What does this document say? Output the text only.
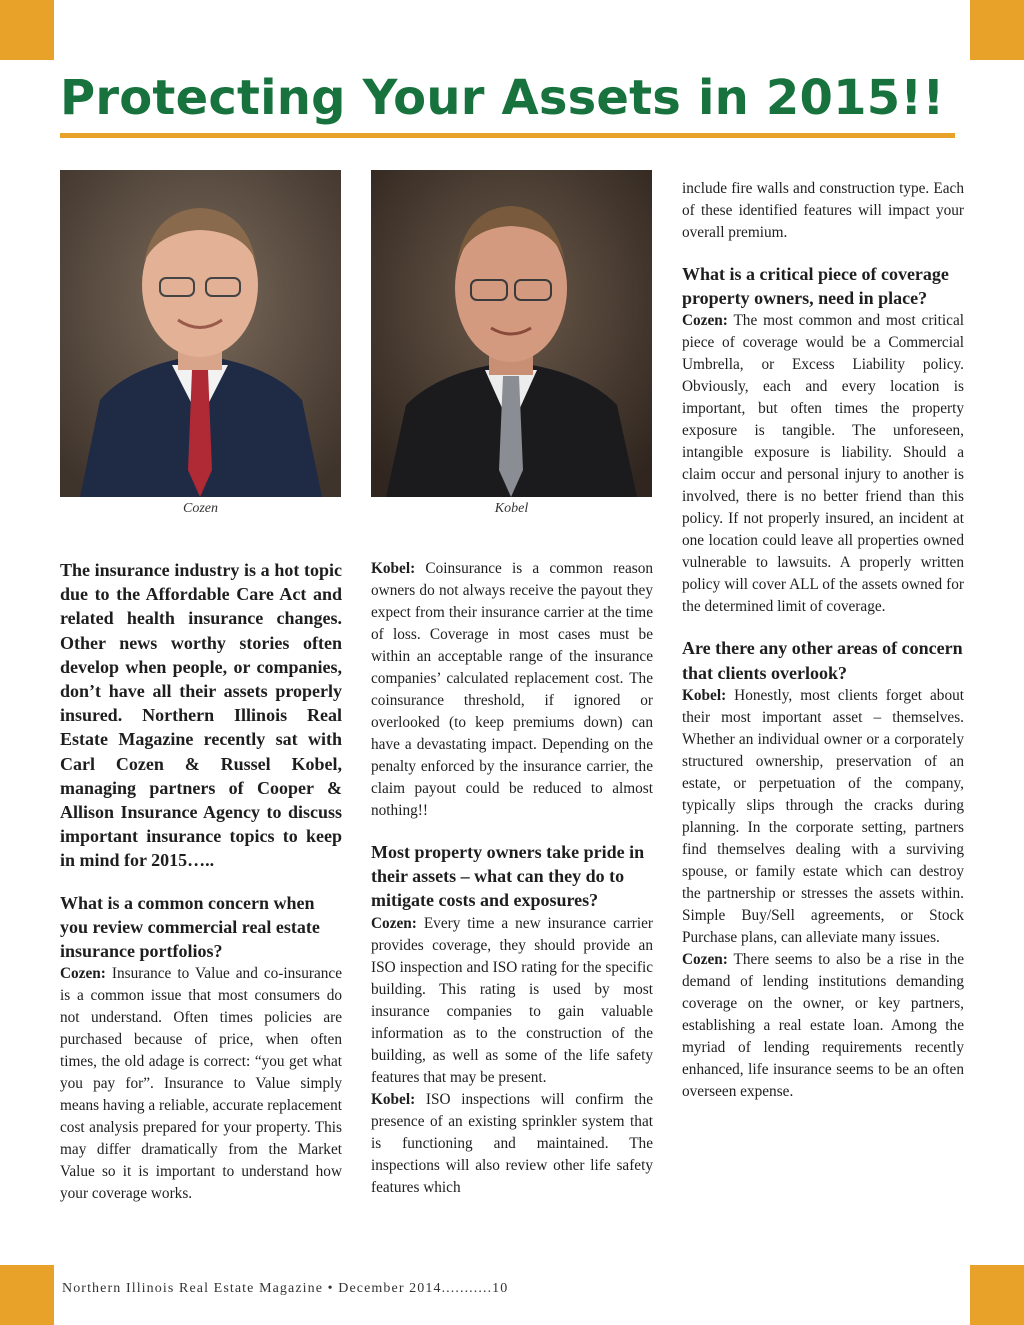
Protecting Your Assets in 2015!!
Cozen	Kobel

The insurance industry is a hot topic due to the Affordable Care Act and related health insurance changes. Other news worthy stories often develop when people, or companies, don’t have all their assets properly insured. Northern Illinois Real Estate Magazine recently sat with Carl Cozen & Russel Kobel, managing partners of Cooper & Allison Insurance Agency to discuss important insurance topics to keep in mind for 2015…..

What is a common concern when you review commercial real estate insurance portfolios?

Cozen: Insurance to Value and co-insurance is a common issue that most consumers do not understand. Often times policies are purchased because of price, when often times, the old adage is correct: “you get what you pay for”. Insurance to Value simply means having a reliable, accurate replacement cost analysis prepared for your property. This may differ dramatically from the Market Value so it is important to understand how your coverage works.

Kobel: Coinsurance is a common reason owners do not always receive the payout they expect from their insurance carrier at the time of loss. Coverage in most cases must be within an acceptable range of the insurance companies’ calculated replacement cost. The coinsurance threshold, if ignored or overlooked (to keep premiums down) can have a devastating impact. Depending on the penalty enforced by the insurance carrier, the claim payout could be reduced to almost nothing!!

Most property owners take pride in their assets – what can they do to mitigate costs and exposures?

Cozen: Every time a new insurance carrier provides coverage, they should provide an ISO inspection and ISO rating for the specific building. This rating is used by most insurance companies to gain valuable information as to the construction of the building, as well as some of the life safety features that may be present.

Kobel: ISO inspections will confirm the presence of an existing sprinkler system that is functioning and maintained. The inspections will also review other life safety features which

include fire walls and construction type. Each of these identified features will impact your overall premium.

What is a critical piece of coverage property owners, need in place?

Cozen: The most common and most critical piece of coverage would be a Commercial Umbrella, or Excess Liability policy. Obviously, each and every location is important, but often times the property exposure is tangible. The unforeseen, intangible exposure is liability. Should a claim occur and personal injury to another is involved, there is no better friend than this policy. If not properly insured, an incident at one location could leave all properties owned vulnerable to lawsuits. A properly written policy will cover ALL of the assets owned for the determined limit of coverage.

Are there any other areas of concern that clients overlook?

Kobel: Honestly, most clients forget about their most important asset – themselves. Whether an individual owner or a corporately structured ownership, preservation of an estate, or perpetuation of the company, typically slips through the cracks during planning. In the corporate setting, partners find themselves dealing with a surviving spouse, or family estate which can destroy the partnership or stresses the assets within. Simple Buy/Sell agreements, or Stock Purchase plans, can alleviate many issues.

Cozen: There seems to also be a rise in the demand of lending institutions demanding coverage on the owner, or key partners, establishing a real estate loan. Among the myriad of lending requirements recently enhanced, life insurance seems to be an often overseen expense.

Northern Illinois Real Estate Magazine • December 2014...........10
